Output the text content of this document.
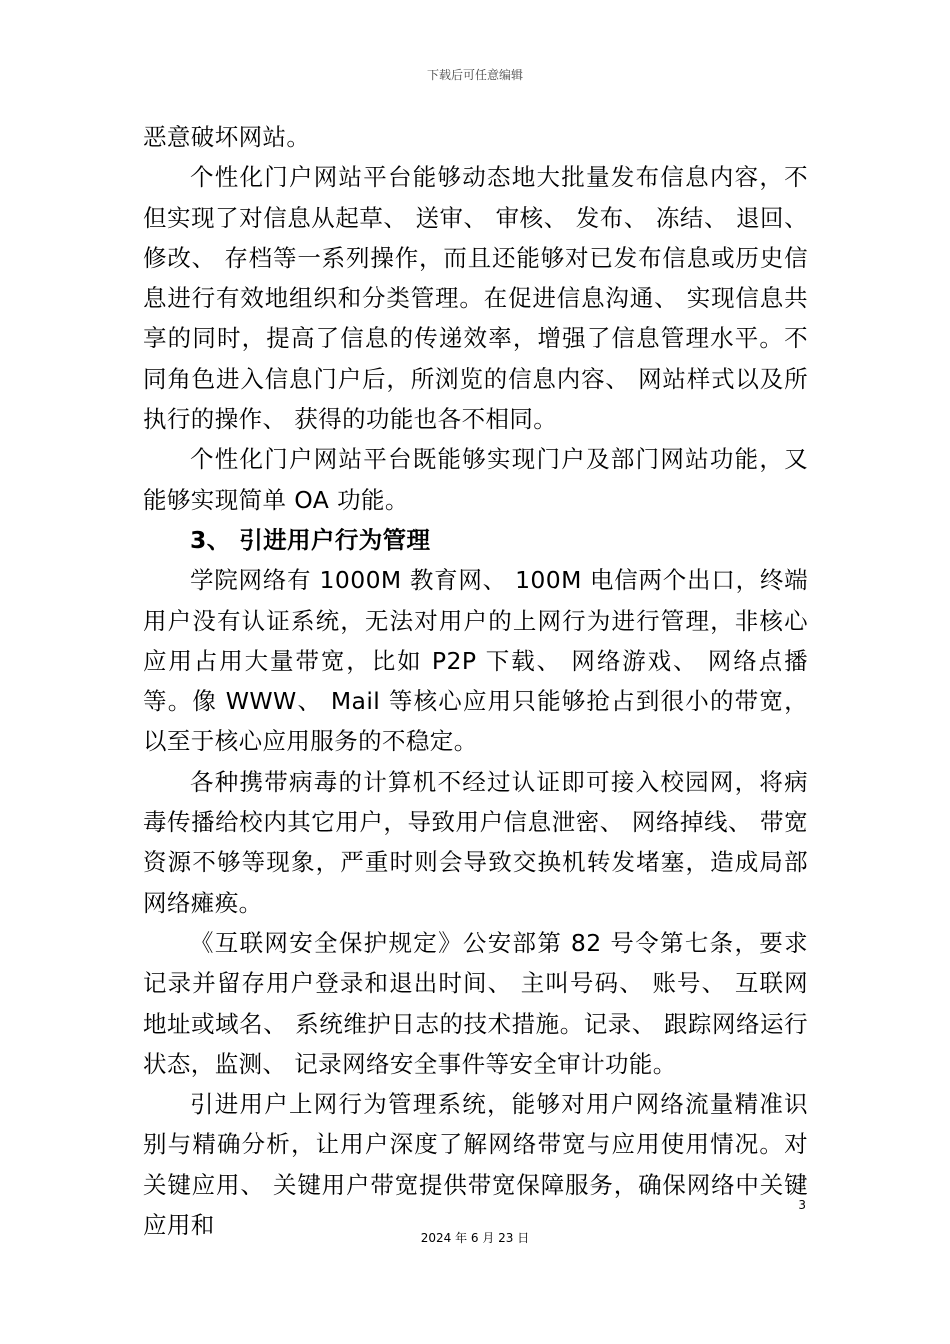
下载后可任意编辑

恶意破坏网站。

个性化门户网站平台能够动态地大批量发布信息内容，不但实现了对信息从起草、 送审、 审核、 发布、 冻结、 退回、 修改、 存档等一系列操作，而且还能够对已发布信息或历史信息进行有效地组织和分类管理。在促进信息沟通、 实现信息共享的同时，提高了信息的传递效率，增强了信息管理水平。不同角色进入信息门户后，所浏览的信息内容、 网站样式以及所执行的操作、 获得的功能也各不相同。

个性化门户网站平台既能够实现门户及部门网站功能，又能够实现简单 OA 功能。

3、 引进用户行为管理

学院网络有 1000M 教育网、 100M 电信两个出口，终端用户没有认证系统，无法对用户的上网行为进行管理，非核心应用占用大量带宽，比如 P2P 下载、 网络游戏、 网络点播等。像 WWW、 Mail 等核心应用只能够抢占到很小的带宽，以至于核心应用服务的不稳定。

各种携带病毒的计算机不经过认证即可接入校园网，将病毒传播给校内其它用户，导致用户信息泄密、 网络掉线、 带宽资源不够等现象，严重时则会导致交换机转发堵塞，造成局部网络瘫痪。

《互联网安全保护规定》公安部第 82 号令第七条，要求记录并留存用户登录和退出时间、 主叫号码、 账号、 互联网地址或域名、 系统维护日志的技术措施。记录、 跟踪网络运行状态，监测、 记录网络安全事件等安全审计功能。

引进用户上网行为管理系统，能够对用户网络流量精准识别与精确分析，让用户深度了解网络带宽与应用使用情况。对关键应用、 关键用户带宽提供带宽保障服务，确保网络中关键应用和

3
2024 年 6 月 23 日
